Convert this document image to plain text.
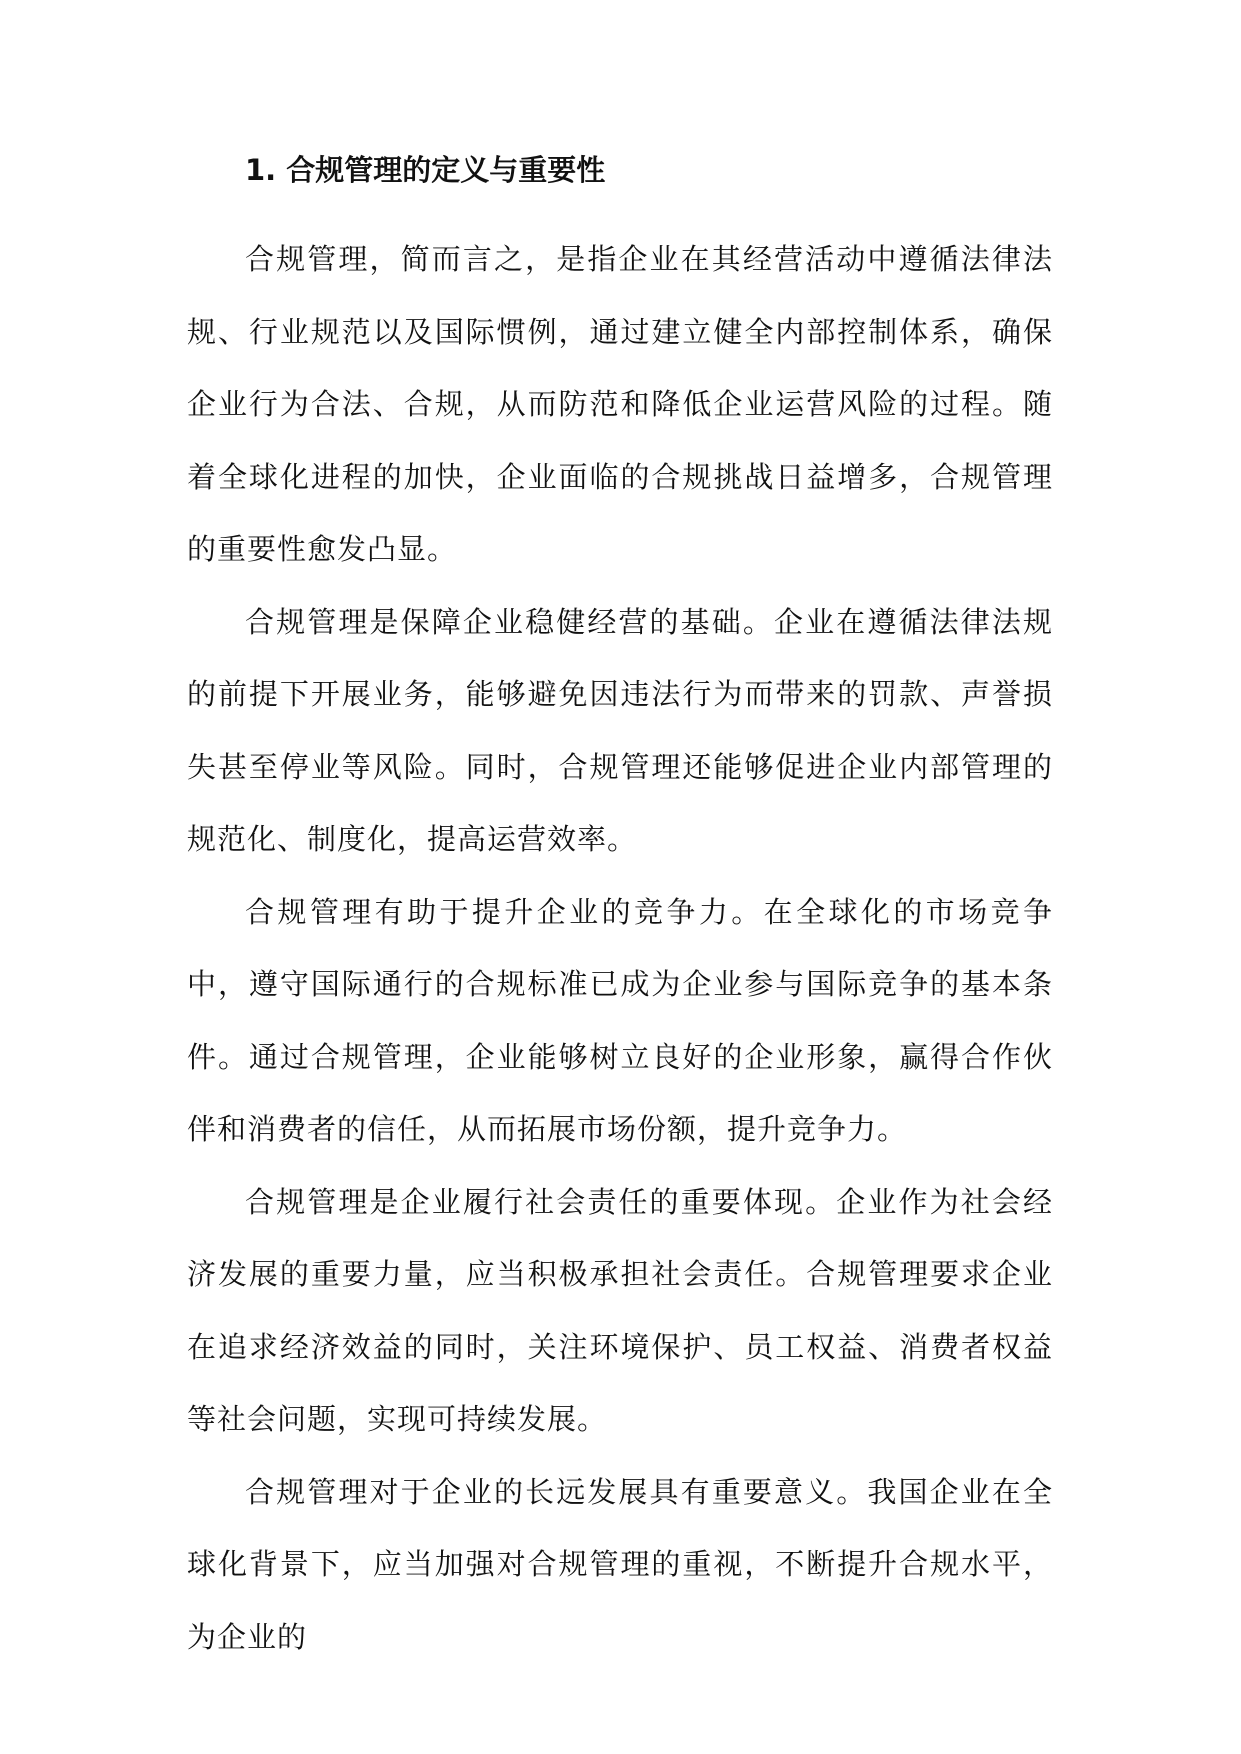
1. 合规管理的定义与重要性

合规管理，简而言之，是指企业在其经营活动中遵循法律法规、行业规范以及国际惯例，通过建立健全内部控制体系，确保企业行为合法、合规，从而防范和降低企业运营风险的过程。随着全球化进程的加快，企业面临的合规挑战日益增多，合规管理的重要性愈发凸显。

合规管理是保障企业稳健经营的基础。企业在遵循法律法规的前提下开展业务，能够避免因违法行为而带来的罚款、声誉损失甚至停业等风险。同时，合规管理还能够促进企业内部管理的规范化、制度化，提高运营效率。

合规管理有助于提升企业的竞争力。在全球化的市场竞争中，遵守国际通行的合规标准已成为企业参与国际竞争的基本条件。通过合规管理，企业能够树立良好的企业形象，赢得合作伙伴和消费者的信任，从而拓展市场份额，提升竞争力。

合规管理是企业履行社会责任的重要体现。企业作为社会经济发展的重要力量，应当积极承担社会责任。合规管理要求企业在追求经济效益的同时，关注环境保护、员工权益、消费者权益等社会问题，实现可持续发展。

合规管理对于企业的长远发展具有重要意义。我国企业在全球化背景下，应当加强对合规管理的重视，不断提升合规水平，为企业的
